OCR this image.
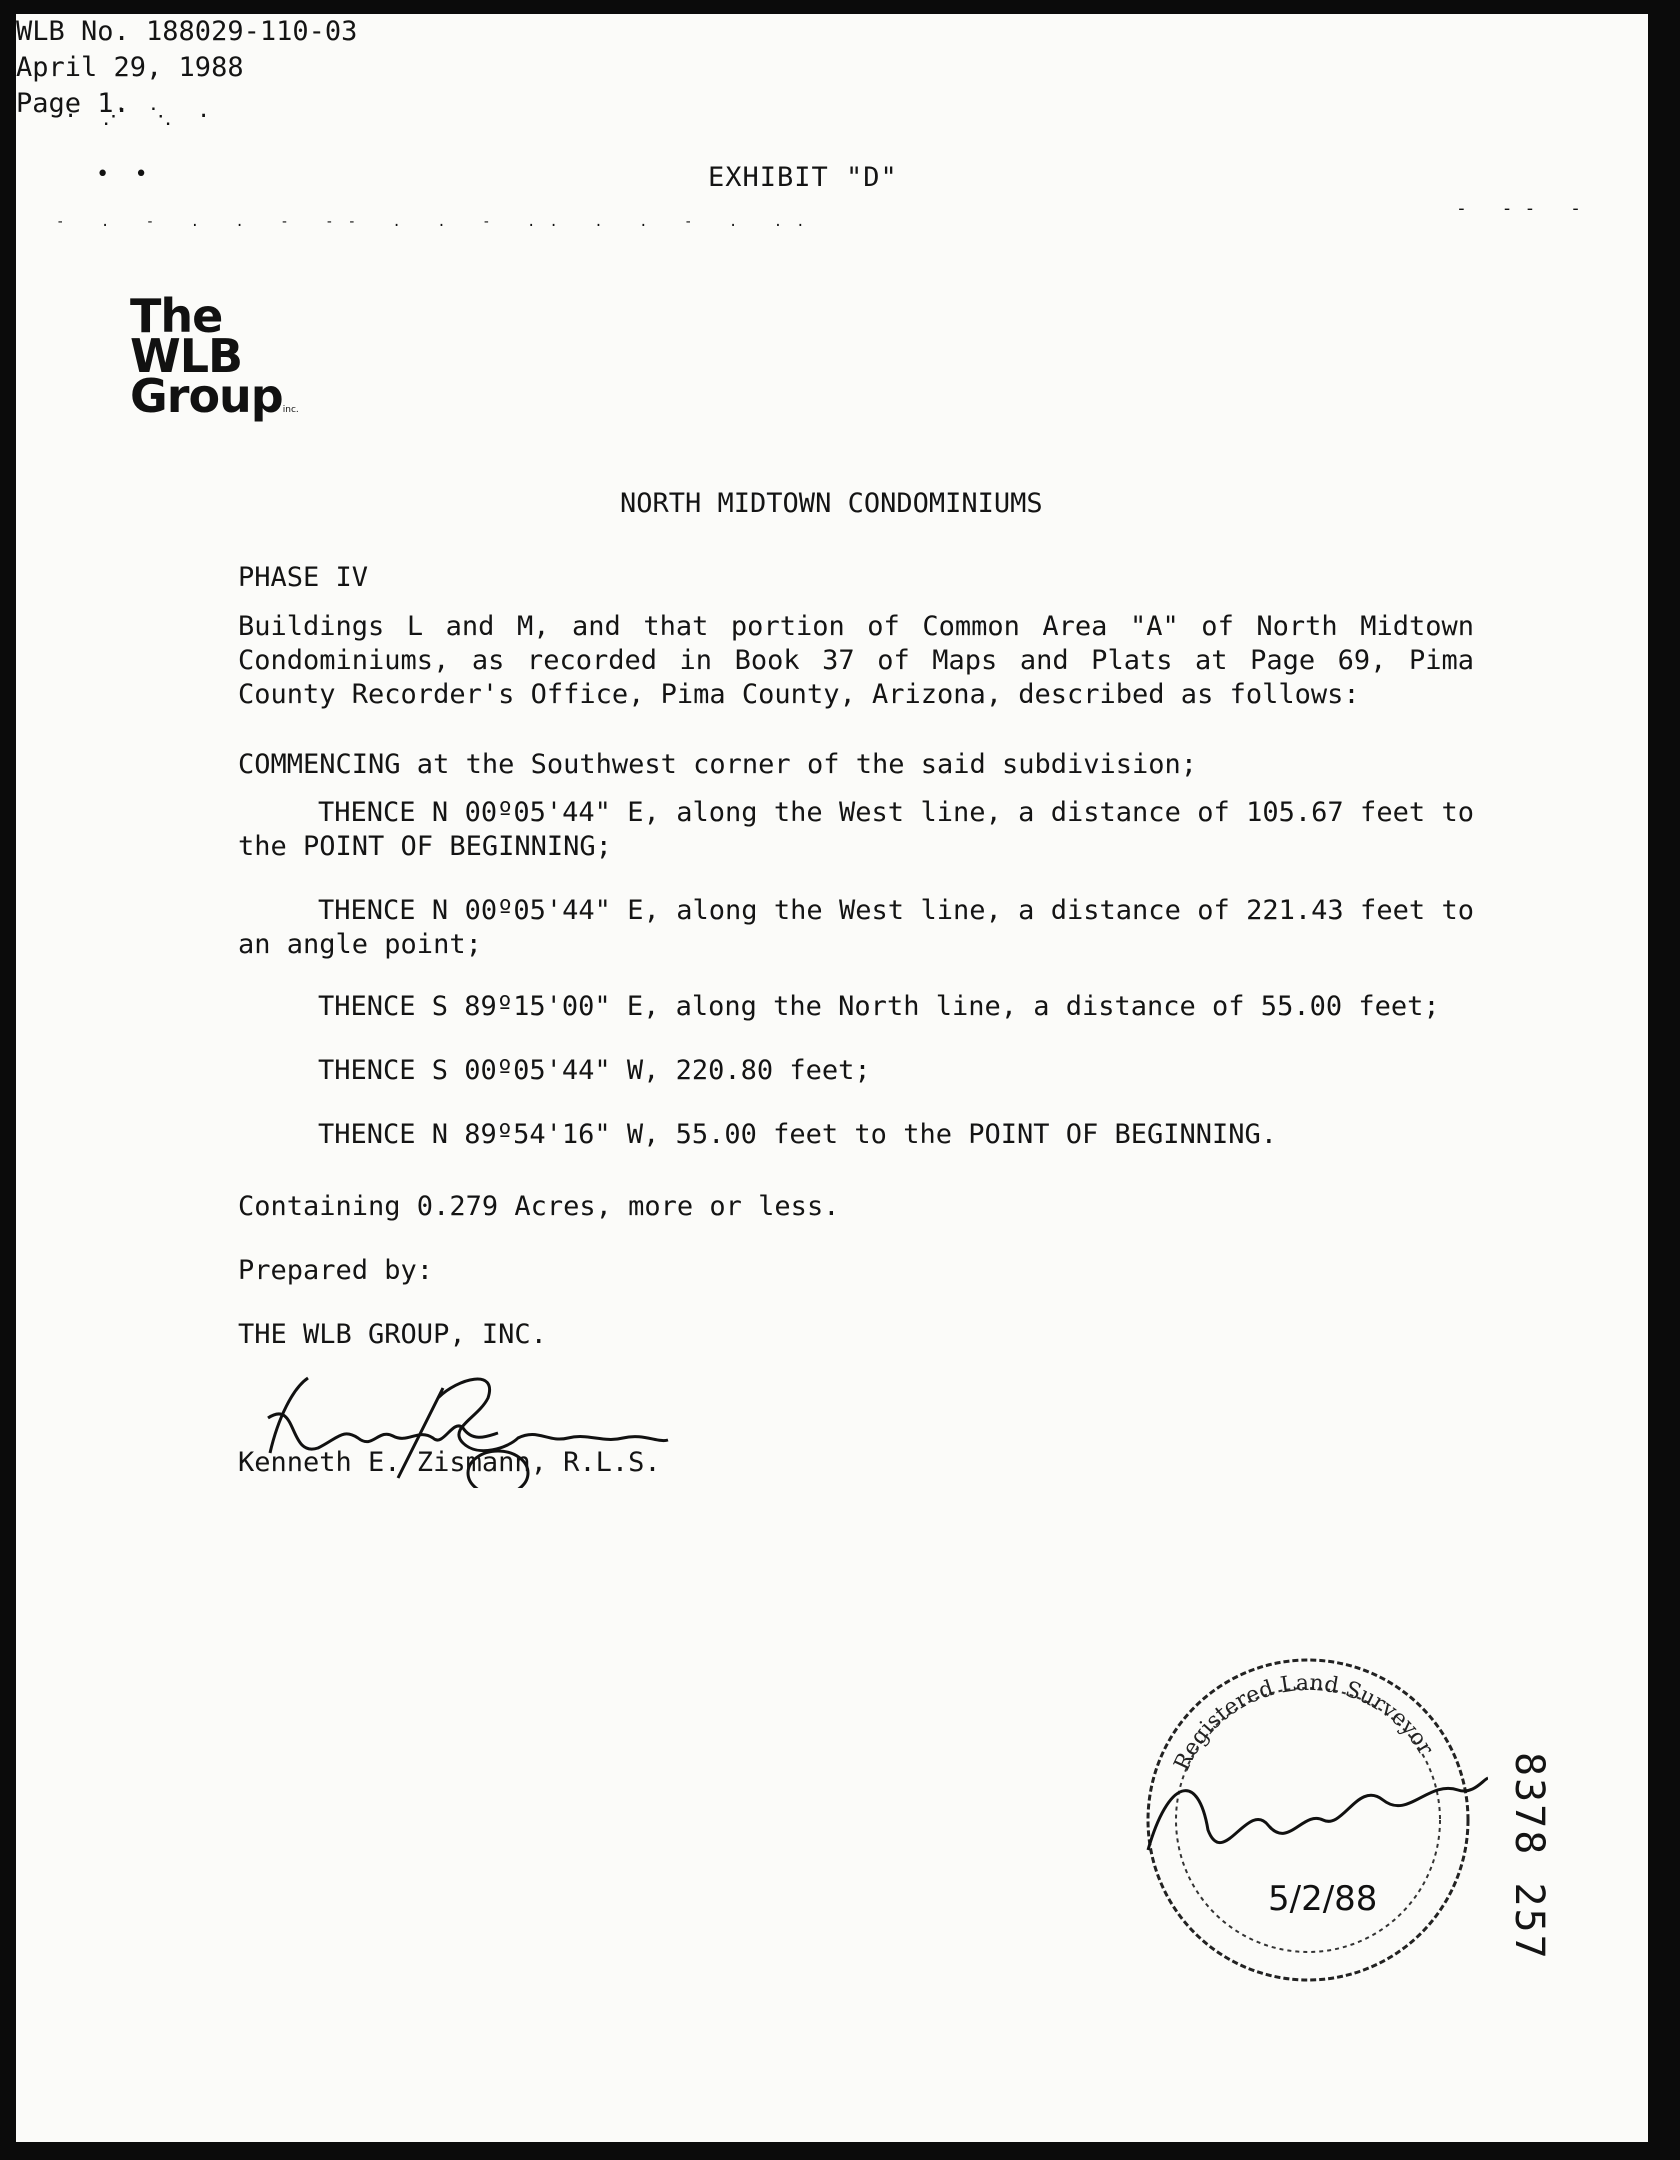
⋅ ⋰ ⋱ ⋅
• •
- . - . . - -- . . - .. . . - . ..
- -- -
EXHIBIT "D"
WLB No. 188029-110-03
April 29, 1988
Page 1.
The
WLB
Groupinc.
NORTH MIDTOWN CONDOMINIUMS
PHASE IV
Buildings L and M, and that portion of Common Area "A" of North Midtown Condominiums, as recorded in Book 37 of Maps and Plats at Page 69, Pima County Recorder's Office, Pima County, Arizona, described as follows:
COMMENCING at the Southwest corner of the said subdivision;
THENCE N 00º05'44" E, along the West line, a distance of 105.67 feet to the POINT OF BEGINNING;
THENCE N 00º05'44" E, along the West line, a distance of 221.43 feet to an angle point;
THENCE S 89º15'00" E, along the North line, a distance of 55.00 feet;
THENCE S 00º05'44" W, 220.80 feet;
THENCE N 89º54'16" W, 55.00 feet to the POINT OF BEGINNING.
Containing 0.279 Acres, more or less.
Prepared by:
THE WLB GROUP, INC.
Kenneth E. Zismann, R.L.S.
Registered Land Surveyor
5/2/88	8378 257
